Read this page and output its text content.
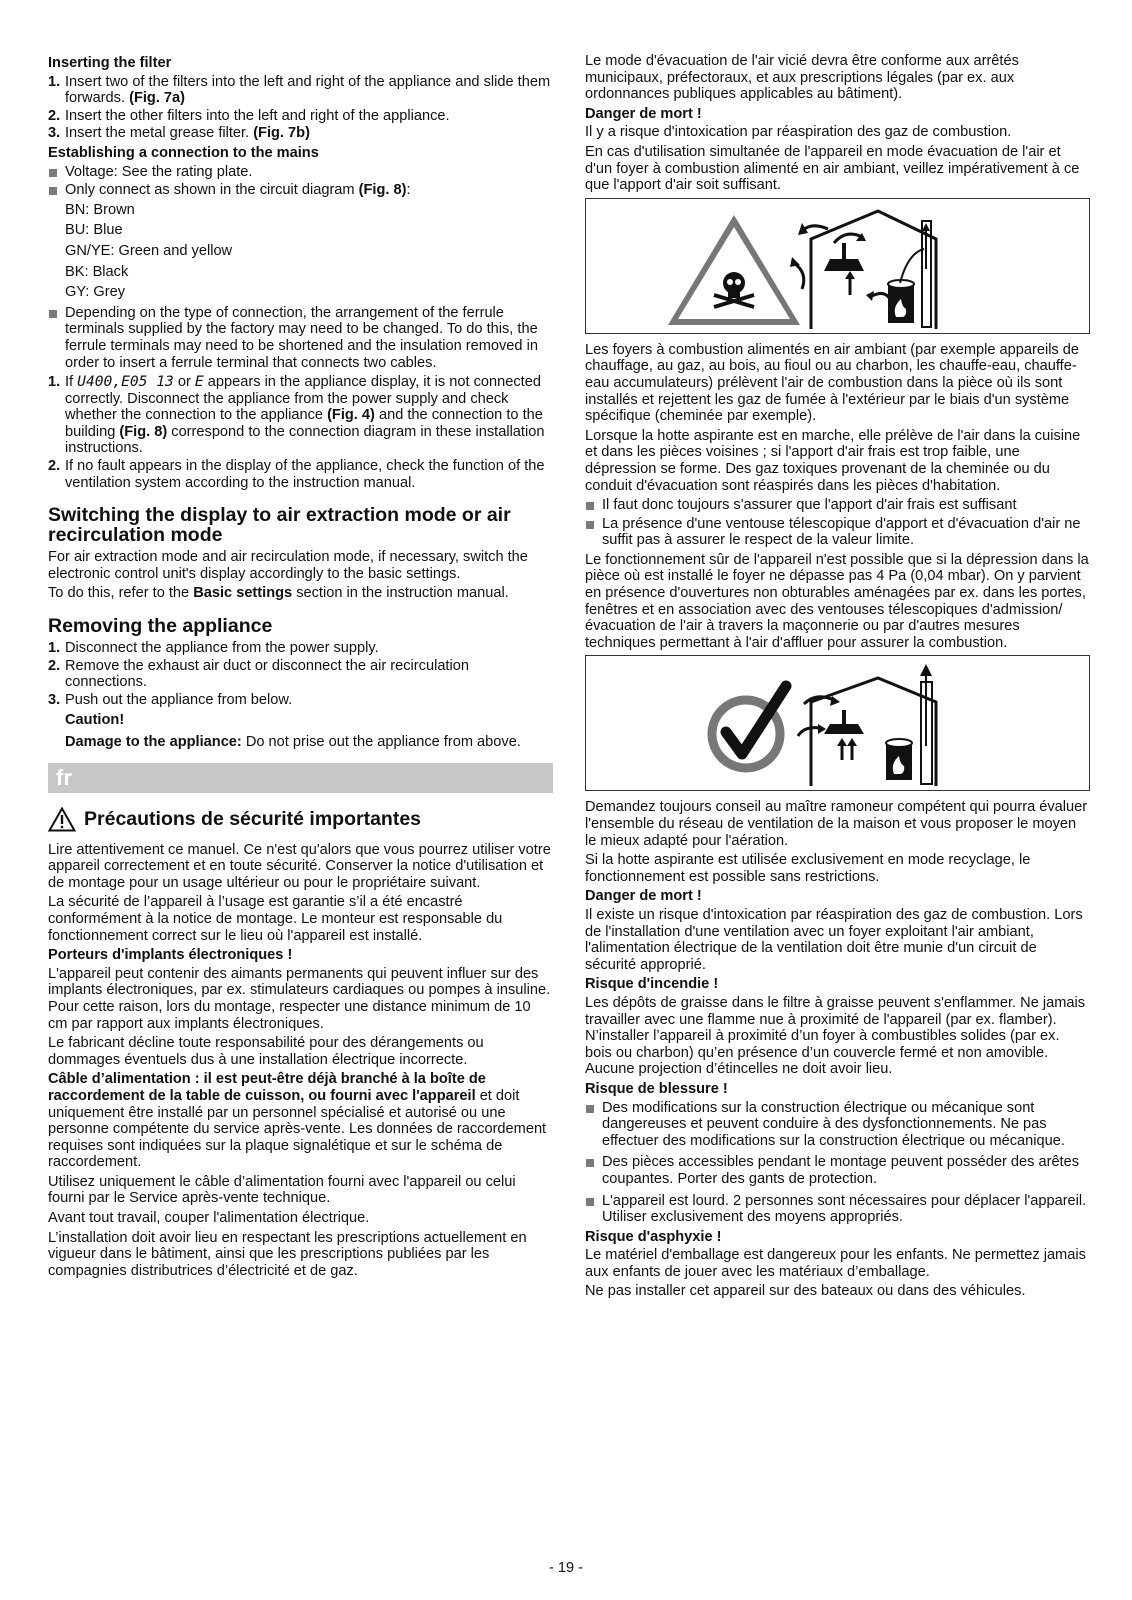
Inserting the filter
1. Insert two of the filters into the left and right of the appliance and slide them forwards. (Fig. 7a)
2. Insert the other filters into the left and right of the appliance.
3. Insert the metal grease filter. (Fig. 7b)
Establishing a connection to the mains
Voltage: See the rating plate.
Only connect as shown in the circuit diagram (Fig. 8):
BN: Brown
BU: Blue
GN/YE: Green and yellow
BK: Black
GY: Grey
Depending on the type of connection, the arrangement of the ferrule terminals supplied by the factory may need to be changed. To do this, the ferrule terminals may need to be shortened and the insulation removed in order to insert a ferrule terminal that connects two cables.
1. If U400,E05 13 or E appears in the appliance display, it is not connected correctly. Disconnect the appliance from the power supply and check whether the connection to the appliance (Fig. 4) and the connection to the building (Fig. 8) correspond to the connection diagram in these installation instructions.
2. If no fault appears in the display of the appliance, check the function of the ventilation system according to the instruction manual.
Switching the display to air extraction mode or air recirculation mode

For air extraction mode and air recirculation mode, if necessary, switch the electronic control unit's display accordingly to the basic settings.

To do this, refer to the Basic settings section in the instruction manual.

Removing the appliance
1. Disconnect the appliance from the power supply.
2. Remove the exhaust air duct or disconnect the air recirculation connections.
3. Push out the appliance from below.
Caution!
Damage to the appliance: Do not prise out the appliance from above.
fr
Précautions de sécurité importantes

Lire attentivement ce manuel. Ce n'est qu'alors que vous pourrez utiliser votre appareil correctement et en toute sécurité. Conserver la notice d'utilisation et de montage pour un usage ultérieur ou pour le propriétaire suivant.

La sécurité de l’appareil à l’usage est garantie s’il a été encastré conformément à la notice de montage. Le monteur est responsable du fonctionnement correct sur le lieu où l'appareil est installé.

Porteurs d'implants électroniques !

L'appareil peut contenir des aimants permanents qui peuvent influer sur des implants électroniques, par ex. stimulateurs cardiaques ou pompes à insuline. Pour cette raison, lors du montage, respecter une distance minimum de 10 cm par rapport aux implants électroniques.

Le fabricant décline toute responsabilité pour des dérangements ou dommages éventuels dus à une installation électrique incorrecte.

Câble d’alimentation : il est peut-être déjà branché à la boîte de raccordement de la table de cuisson, ou fourni avec l'appareil et doit uniquement être installé par un personnel spécialisé et autorisé ou une personne compétente du service après-vente. Les données de raccordement requises sont indiquées sur la plaque signalétique et sur le schéma de raccordement.

Utilisez uniquement le câble d’alimentation fourni avec l'appareil ou celui fourni par le Service après-vente technique.

Avant tout travail, couper l'alimentation électrique.

L’installation doit avoir lieu en respectant les prescriptions actuellement en vigueur dans le bâtiment, ainsi que les prescriptions publiées par les compagnies distributrices d’électricité et de gaz.

Le mode d'évacuation de l'air vicié devra être conforme aux arrêtés municipaux, préfectoraux, et aux prescriptions légales (par ex. aux ordonnances publiques applicables au bâtiment).

Danger de mort !

Il y a risque d'intoxication par réaspiration des gaz de combustion.

En cas d'utilisation simultanée de l'appareil en mode évacuation de l'air et d'un foyer à combustion alimenté en air ambiant, veillez impérativement à ce que l'apport d'air soit suffisant.

Les foyers à combustion alimentés en air ambiant (par exemple appareils de chauffage, au gaz, au bois, au fioul ou au charbon, les chauffe-eau, chauffe-eau accumulateurs) prélèvent l'air de combustion dans la pièce où ils sont installés et rejettent les gaz de fumée à l'extérieur par le biais d'un système spécifique (cheminée par exemple).

Lorsque la hotte aspirante est en marche, elle prélève de l'air dans la cuisine et dans les pièces voisines ; si l'apport d'air frais est trop faible, une dépression se forme. Des gaz toxiques provenant de la cheminée ou du conduit d'évacuation sont réaspirés dans les pièces d'habitation.

Il faut donc toujours s'assurer que l'apport d'air frais est suffisant
La présence d'une ventouse télescopique d'apport et d'évacuation d'air ne suffit pas à assurer le respect de la valeur limite.

Le fonctionnement sûr de l'appareil n'est possible que si la dépression dans la pièce où est installé le foyer ne dépasse pas 4 Pa (0,04 mbar). On y parvient en présence d'ouvertures non obturables aménagées par ex. dans les portes, fenêtres et en association avec des ventouses télescopiques d'admission/ évacuation de l'air à travers la maçonnerie ou par d'autres mesures techniques permettant à l'air d'affluer pour assurer la combustion.

Demandez toujours conseil au maître ramoneur compétent qui pourra évaluer l'ensemble du réseau de ventilation de la maison et vous proposer le moyen le mieux adapté pour l'aération.

Si la hotte aspirante est utilisée exclusivement en mode recyclage, le fonctionnement est possible sans restrictions.

Danger de mort !

Il existe un risque d'intoxication par réaspiration des gaz de combustion. Lors de l'installation d'une ventilation avec un foyer exploitant l'air ambiant, l'alimentation électrique de la ventilation doit être munie d'un circuit de sécurité approprié.

Risque d'incendie !

Les dépôts de graisse dans le filtre à graisse peuvent s'enflammer. Ne jamais travailler avec une flamme nue à proximité de l'appareil (par ex. flamber). N’installer l’appareil à proximité d’un foyer à combustibles solides (par ex. bois ou charbon) qu’en présence d’un couvercle fermé et non amovible. Aucune projection d’étincelles ne doit avoir lieu.

Risque de blessure !
Des modifications sur la construction électrique ou mécanique sont dangereuses et peuvent conduire à des dysfonctionnements. Ne pas effectuer des modifications sur la construction électrique ou mécanique.
Des pièces accessibles pendant le montage peuvent posséder des arêtes coupantes. Porter des gants de protection.
L'appareil est lourd. 2 personnes sont nécessaires pour déplacer l'appareil. Utiliser exclusivement des moyens appropriés.
Risque d'asphyxie !

Le matériel d'emballage est dangereux pour les enfants. Ne permettez jamais aux enfants de jouer avec les matériaux d’emballage.

Ne pas installer cet appareil sur des bateaux ou dans des véhicules.

- 19 -
